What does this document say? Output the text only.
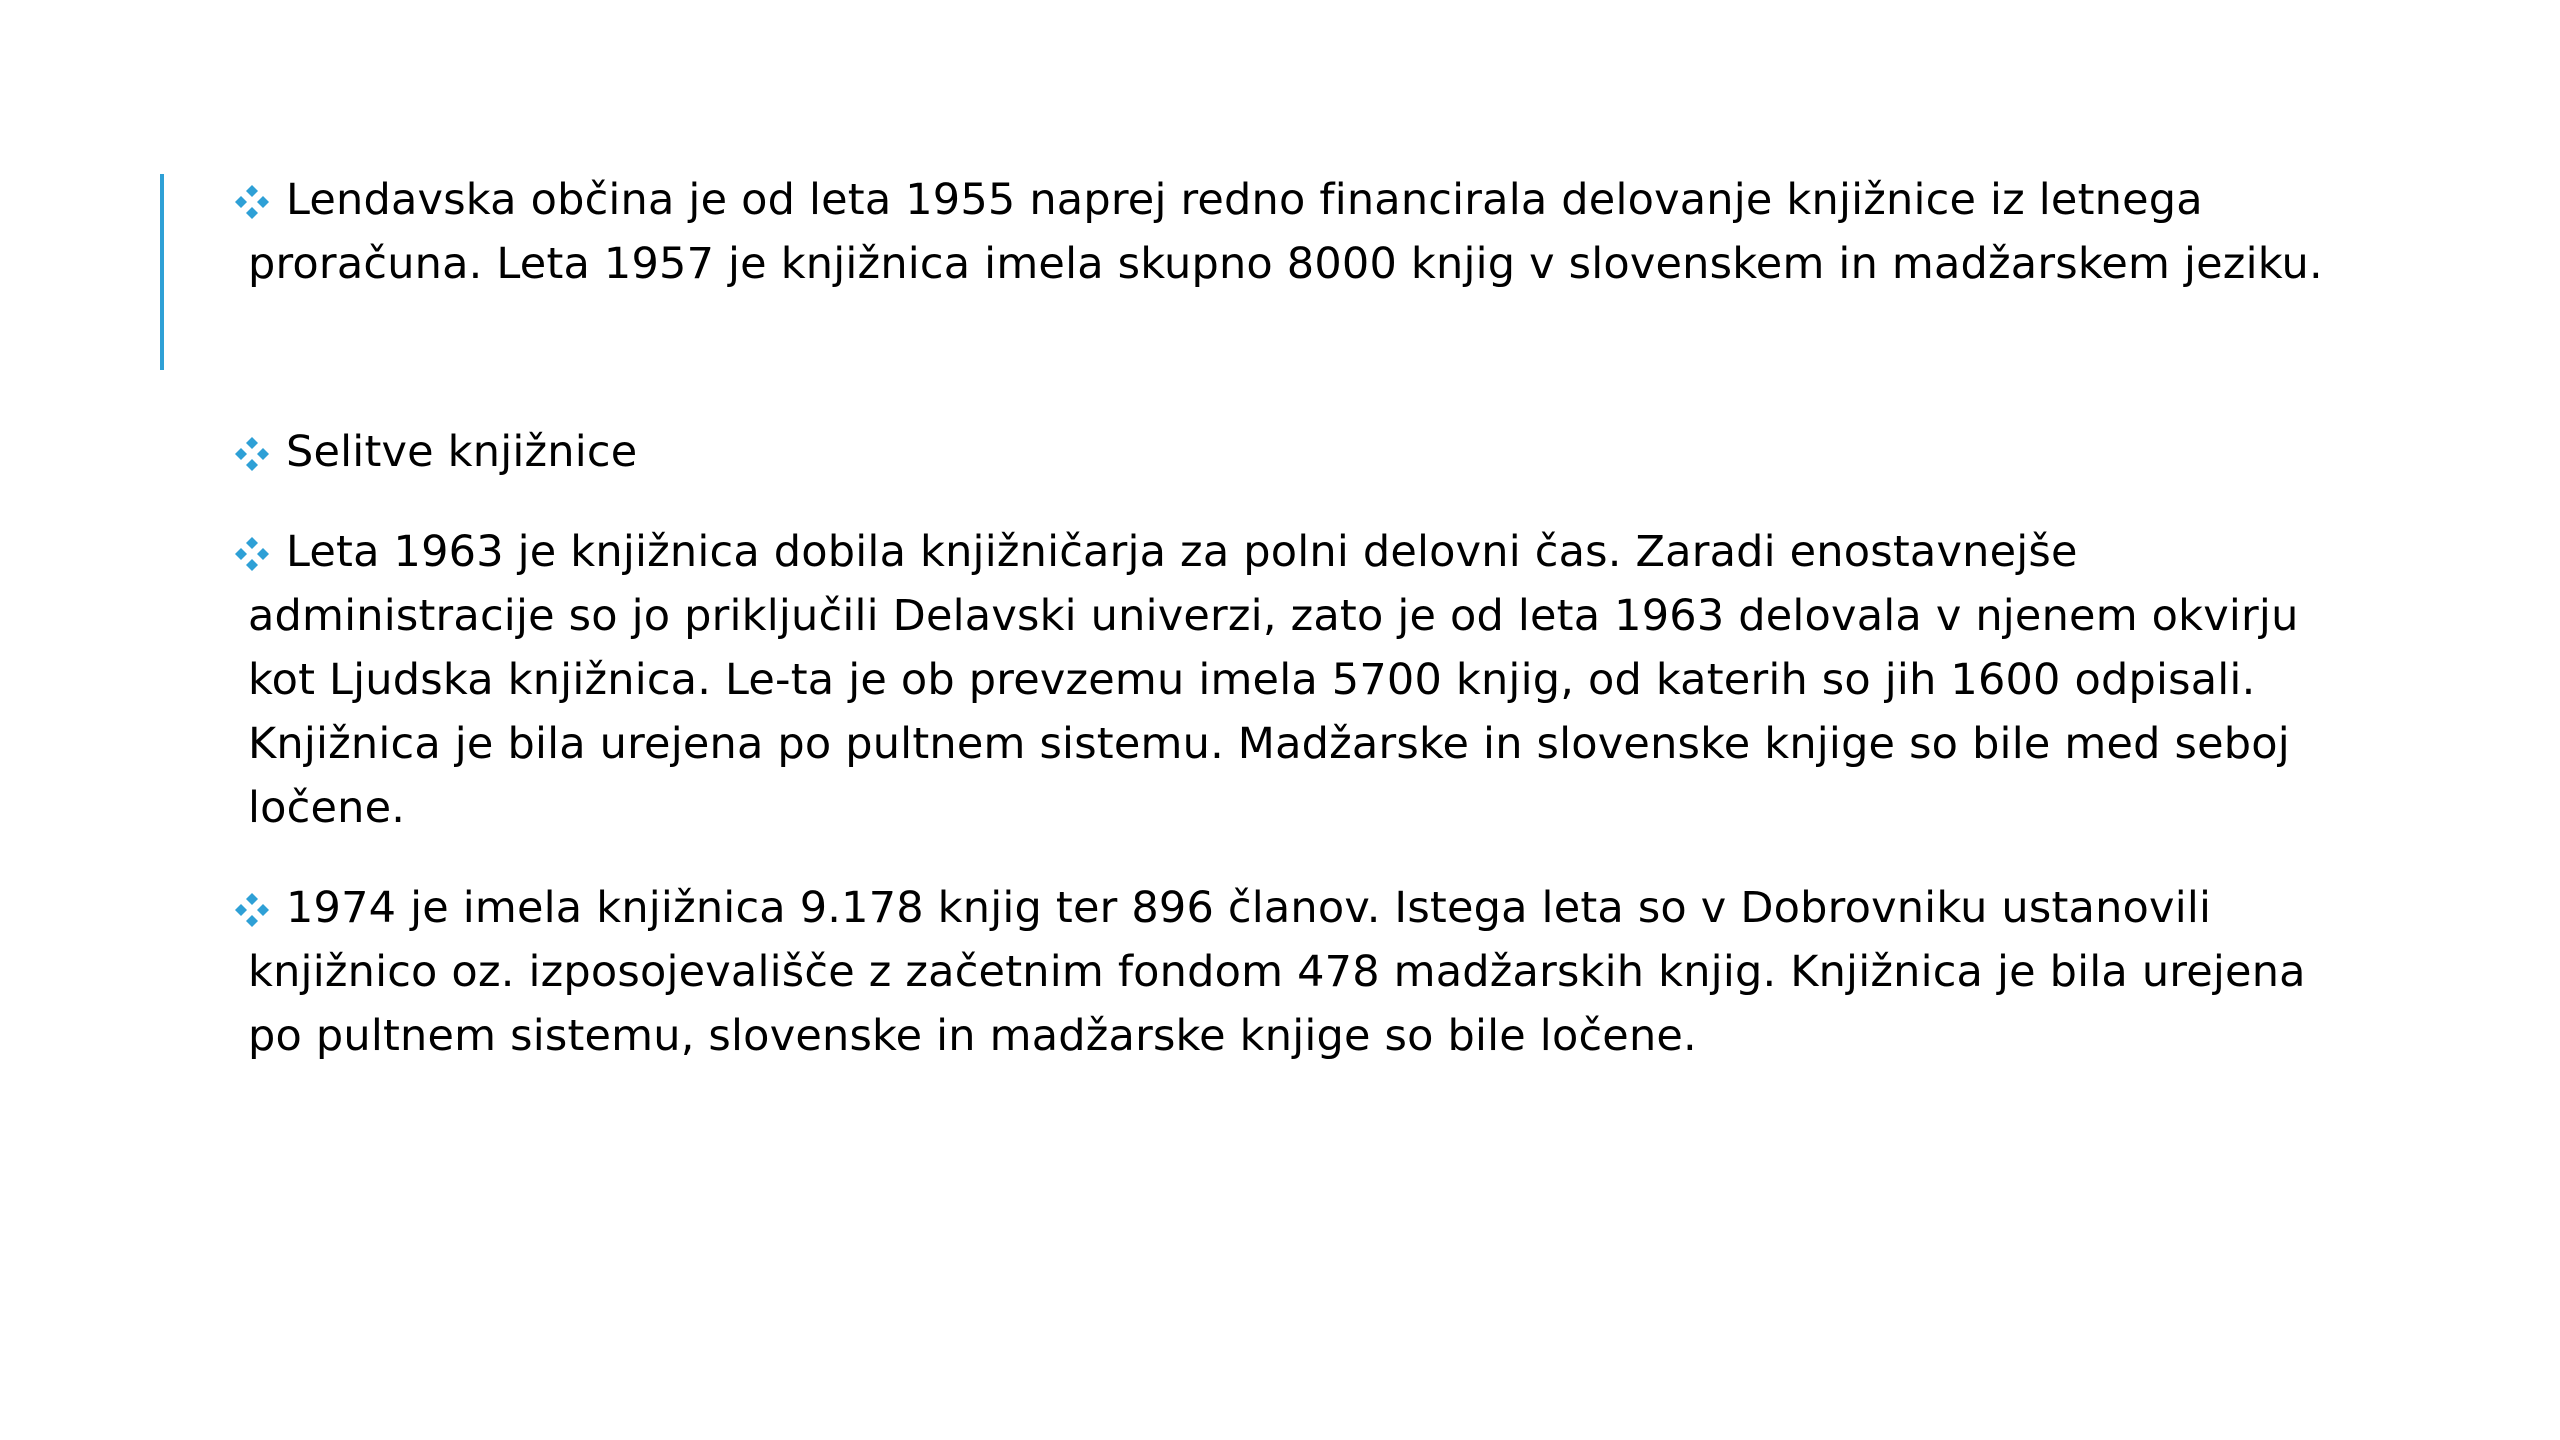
Lendavska občina je od leta 1955 naprej redno financirala delovanje knjižnice iz letnega proračuna. Leta 1957 je knjižnica imela skupno 8000 knjig v slovenskem in madžarskem jeziku.
Selitve knjižnice
Leta 1963 je knjižnica dobila knjižničarja za polni delovni čas. Zaradi enostavnejše administracije so jo priključili Delavski univerzi, zato je od leta 1963 delovala v njenem okvirju kot Ljudska knjižnica. Le-ta je ob prevzemu imela 5700 knjig, od katerih so jih 1600 odpisali. Knjižnica je bila urejena po pultnem sistemu. Madžarske in slovenske knjige so bile med seboj ločene.
1974 je imela knjižnica 9.178 knjig ter 896 članov. Istega leta so v Dobrovniku ustanovili knjižnico oz. izposojevališče z začetnim fondom 478 madžarskih knjig. Knjižnica je bila urejena po pultnem sistemu, slovenske in madžarske knjige so bile ločene.
